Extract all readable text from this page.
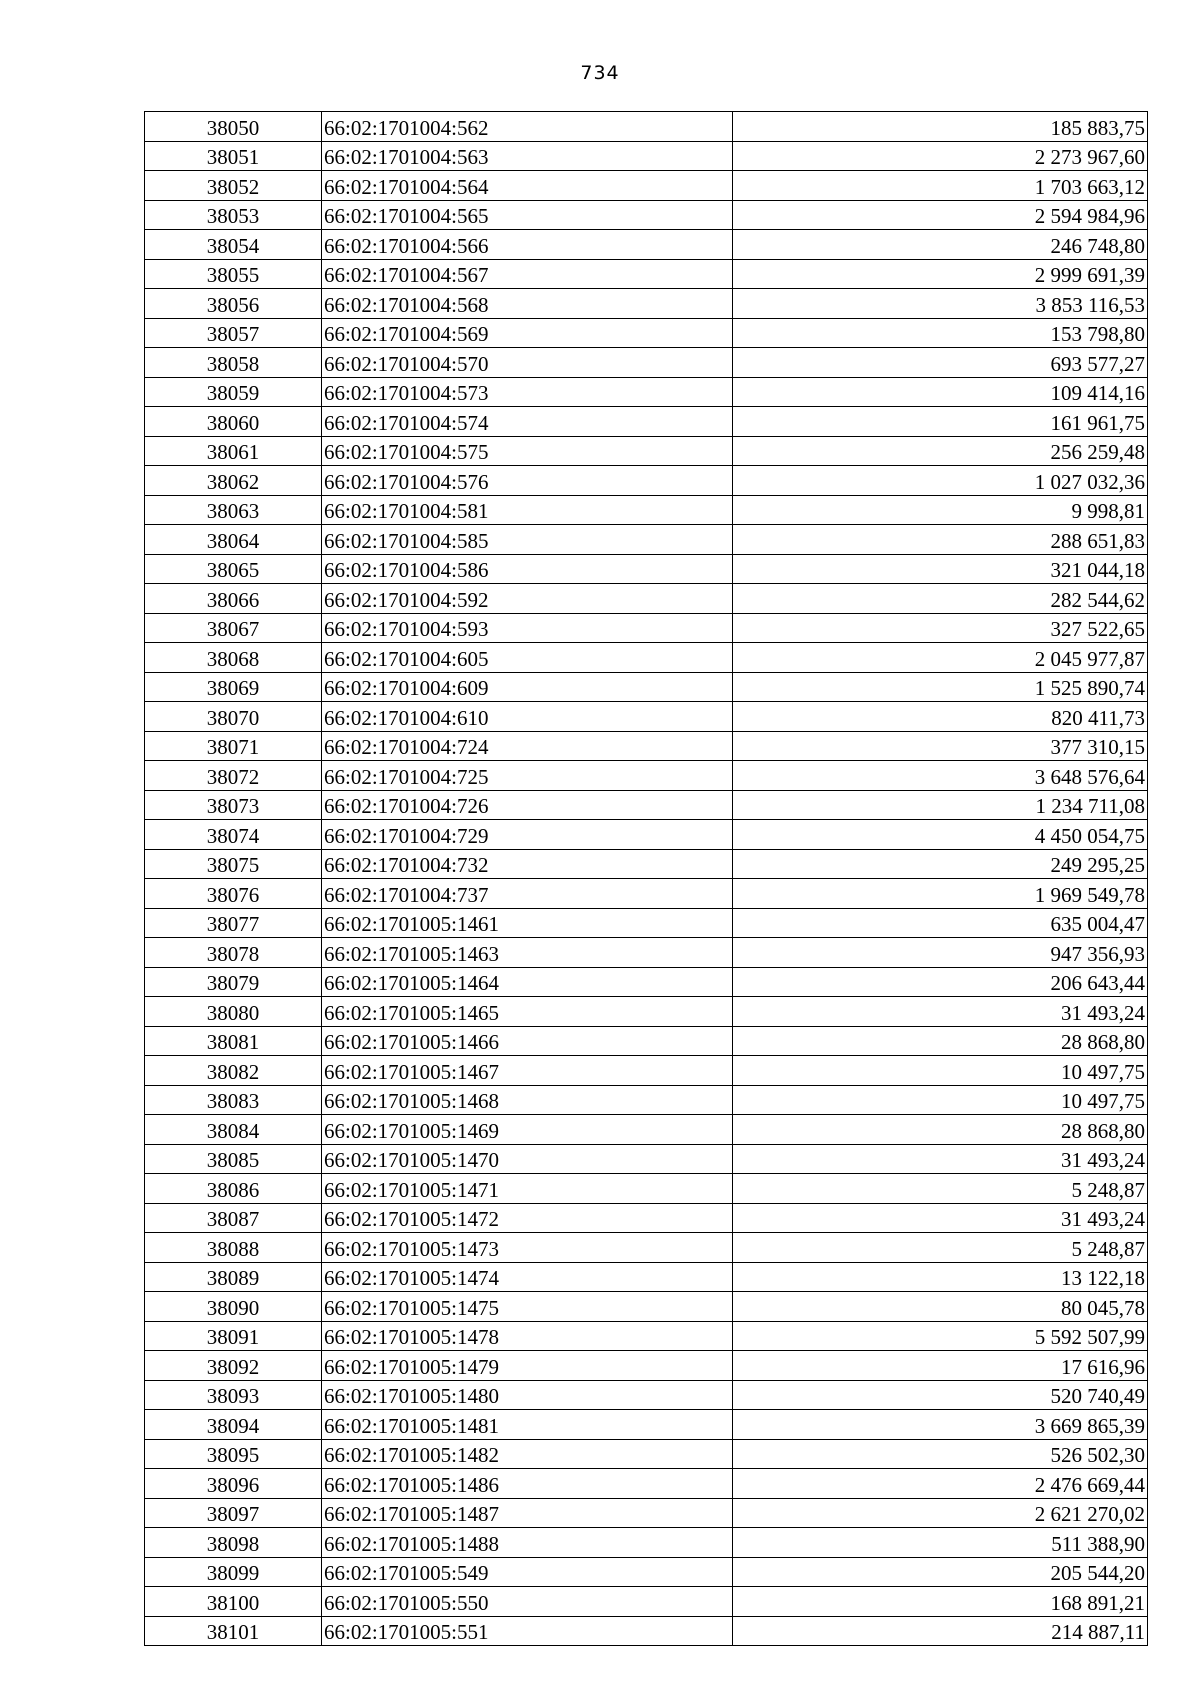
734
38050	66:02:1701004:562	185 883,75
38051	66:02:1701004:563	2 273 967,60
38052	66:02:1701004:564	1 703 663,12
38053	66:02:1701004:565	2 594 984,96
38054	66:02:1701004:566	246 748,80
38055	66:02:1701004:567	2 999 691,39
38056	66:02:1701004:568	3 853 116,53
38057	66:02:1701004:569	153 798,80
38058	66:02:1701004:570	693 577,27
38059	66:02:1701004:573	109 414,16
38060	66:02:1701004:574	161 961,75
38061	66:02:1701004:575	256 259,48
38062	66:02:1701004:576	1 027 032,36
38063	66:02:1701004:581	9 998,81
38064	66:02:1701004:585	288 651,83
38065	66:02:1701004:586	321 044,18
38066	66:02:1701004:592	282 544,62
38067	66:02:1701004:593	327 522,65
38068	66:02:1701004:605	2 045 977,87
38069	66:02:1701004:609	1 525 890,74
38070	66:02:1701004:610	820 411,73
38071	66:02:1701004:724	377 310,15
38072	66:02:1701004:725	3 648 576,64
38073	66:02:1701004:726	1 234 711,08
38074	66:02:1701004:729	4 450 054,75
38075	66:02:1701004:732	249 295,25
38076	66:02:1701004:737	1 969 549,78
38077	66:02:1701005:1461	635 004,47
38078	66:02:1701005:1463	947 356,93
38079	66:02:1701005:1464	206 643,44
38080	66:02:1701005:1465	31 493,24
38081	66:02:1701005:1466	28 868,80
38082	66:02:1701005:1467	10 497,75
38083	66:02:1701005:1468	10 497,75
38084	66:02:1701005:1469	28 868,80
38085	66:02:1701005:1470	31 493,24
38086	66:02:1701005:1471	5 248,87
38087	66:02:1701005:1472	31 493,24
38088	66:02:1701005:1473	5 248,87
38089	66:02:1701005:1474	13 122,18
38090	66:02:1701005:1475	80 045,78
38091	66:02:1701005:1478	5 592 507,99
38092	66:02:1701005:1479	17 616,96
38093	66:02:1701005:1480	520 740,49
38094	66:02:1701005:1481	3 669 865,39
38095	66:02:1701005:1482	526 502,30
38096	66:02:1701005:1486	2 476 669,44
38097	66:02:1701005:1487	2 621 270,02
38098	66:02:1701005:1488	511 388,90
38099	66:02:1701005:549	205 544,20
38100	66:02:1701005:550	168 891,21
38101	66:02:1701005:551	214 887,11
